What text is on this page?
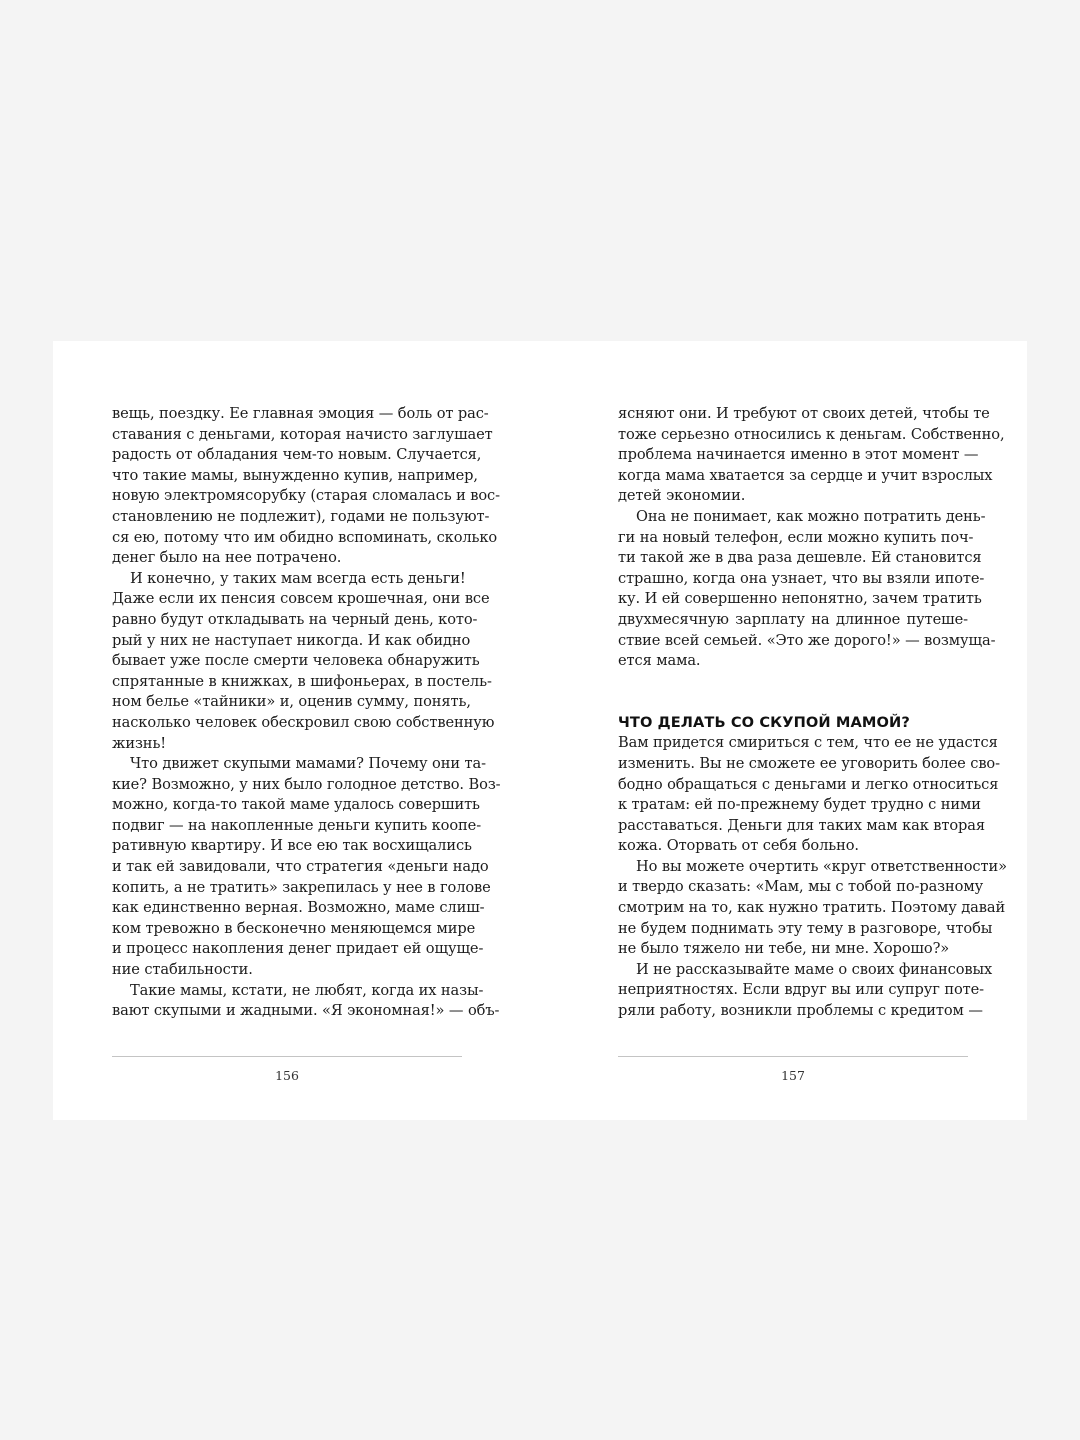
вещь, поездку. Ее главная эмоция — боль от рас-
ставания с деньгами, которая начисто заглушает
радость от обладания чем-то новым. Случается,
что такие мамы, вынужденно купив, например,
новую электромясорубку (старая сломалась и вос-
становлению не подлежит), годами не пользуют-
ся ею, потому что им обидно вспоминать, сколько
денег было на нее потрачено.
И конечно, у таких мам всегда есть деньги!
Даже если их пенсия совсем крошечная, они все
равно будут откладывать на черный день, кото-
рый у них не наступает никогда. И как обидно
бывает уже после смерти человека обнаружить
спрятанные в книжках, в шифоньерах, в постель-
ном белье «тайники» и, оценив сумму, понять,
насколько человек обескровил свою собственную
жизнь!
Что движет скупыми мамами? Почему они та-
кие? Возможно, у них было голодное детство. Воз-
можно, когда-то такой маме удалось совершить
подвиг — на накопленные деньги купить коопе-
ративную квартиру. И все ею так восхищались
и так ей завидовали, что стратегия «деньги надо
копить, а не тратить» закрепилась у нее в голове
как единственно верная. Возможно, маме слиш-
ком тревожно в бесконечно меняющемся мире
и процесс накопления денег придает ей ощуще-
ние стабильности.
Такие мамы, кстати, не любят, когда их назы-
вают скупыми и жадными. «Я экономная!» — объ-
ясняют они. И требуют от своих детей, чтобы те
тоже серьезно относились к деньгам. Собственно,
проблема начинается именно в этот момент —
когда мама хватается за сердце и учит взрослых
детей экономии.
Она не понимает, как можно потратить день-
ги на новый телефон, если можно купить поч-
ти такой же в два раза дешевле. Ей становится
страшно, когда она узнает, что вы взяли ипоте-
ку. И ей совершенно непонятно, зачем тратить
двухмесячную зарплату на длинное путеше-
ствие всей семьей. «Это же дорого!» — возмуща-
ется мама.
ЧТО ДЕЛАТЬ СО СКУПОЙ МАМОЙ?
Вам придется смириться с тем, что ее не удастся
изменить. Вы не сможете ее уговорить более сво-
бодно обращаться с деньгами и легко относиться
к тратам: ей по-прежнему будет трудно с ними
расставаться. Деньги для таких мам как вторая
кожа. Оторвать от себя больно.
Но вы можете очертить «круг ответственности»
и твердо сказать: «Мам, мы с тобой по-разному
смотрим на то, как нужно тратить. Поэтому давай
не будем поднимать эту тему в разговоре, чтобы
не было тяжело ни тебе, ни мне. Хорошо?»
И не рассказывайте маме о своих финансовых
неприятностях. Если вдруг вы или супруг поте-
ряли работу, возникли проблемы с кредитом —
156	157
